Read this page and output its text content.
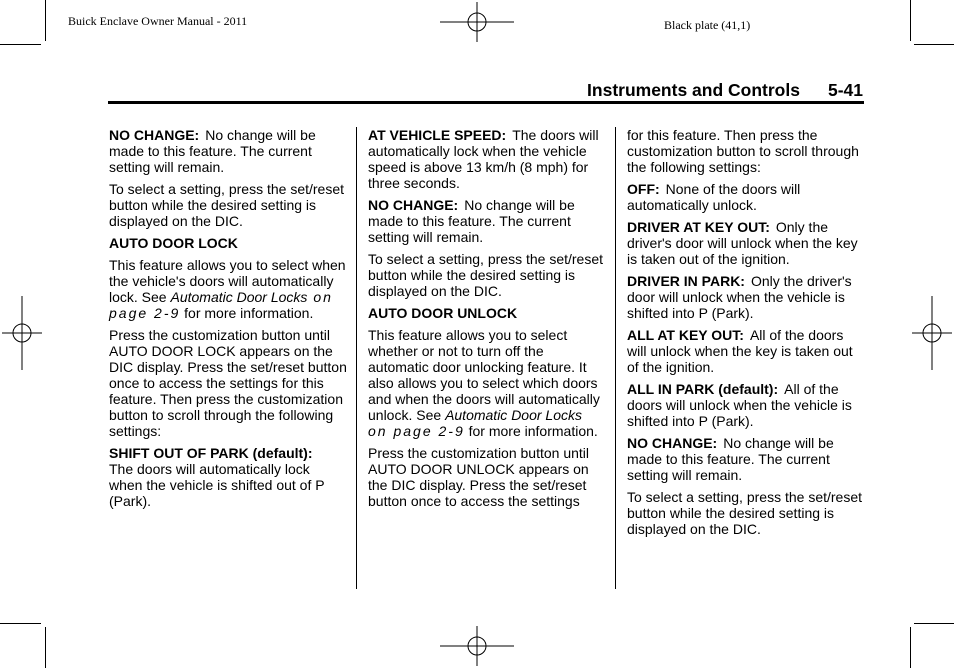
Buick Enclave Owner Manual - 2011	Black plate (41,1)
Instruments and Controls 5-41

NO CHANGE: No change will be made to this feature. The current setting will remain.

To select a setting, press the set/reset button while the desired setting is displayed on the DIC.

AUTO DOOR LOCK

This feature allows you to select when the vehicle's doors will automatically lock. See Automatic Door Locks on page 2-9 for more information.

Press the customization button until AUTO DOOR LOCK appears on the DIC display. Press the set/reset button once to access the settings for this feature. Then press the customization button to scroll through the following settings:

SHIFT OUT OF PARK (default):
The doors will automatically lock when the vehicle is shifted out of P (Park).

AT VEHICLE SPEED: The doors will automatically lock when the vehicle speed is above 13 km/h (8 mph) for three seconds.

NO CHANGE: No change will be made to this feature. The current setting will remain.

To select a setting, press the set/reset button while the desired setting is displayed on the DIC.

AUTO DOOR UNLOCK

This feature allows you to select whether or not to turn off the automatic door unlocking feature. It also allows you to select which doors and when the doors will automatically unlock. See Automatic Door Locks on page 2-9 for more information.

Press the customization button until AUTO DOOR UNLOCK appears on the DIC display. Press the set/reset button once to access the settings

for this feature. Then press the customization button to scroll through the following settings:

OFF: None of the doors will automatically unlock.

DRIVER AT KEY OUT: Only the driver's door will unlock when the key is taken out of the ignition.

DRIVER IN PARK: Only the driver's door will unlock when the vehicle is shifted into P (Park).

ALL AT KEY OUT: All of the doors will unlock when the key is taken out of the ignition.

ALL IN PARK (default): All of the doors will unlock when the vehicle is shifted into P (Park).

NO CHANGE: No change will be made to this feature. The current setting will remain.

To select a setting, press the set/reset button while the desired setting is displayed on the DIC.
